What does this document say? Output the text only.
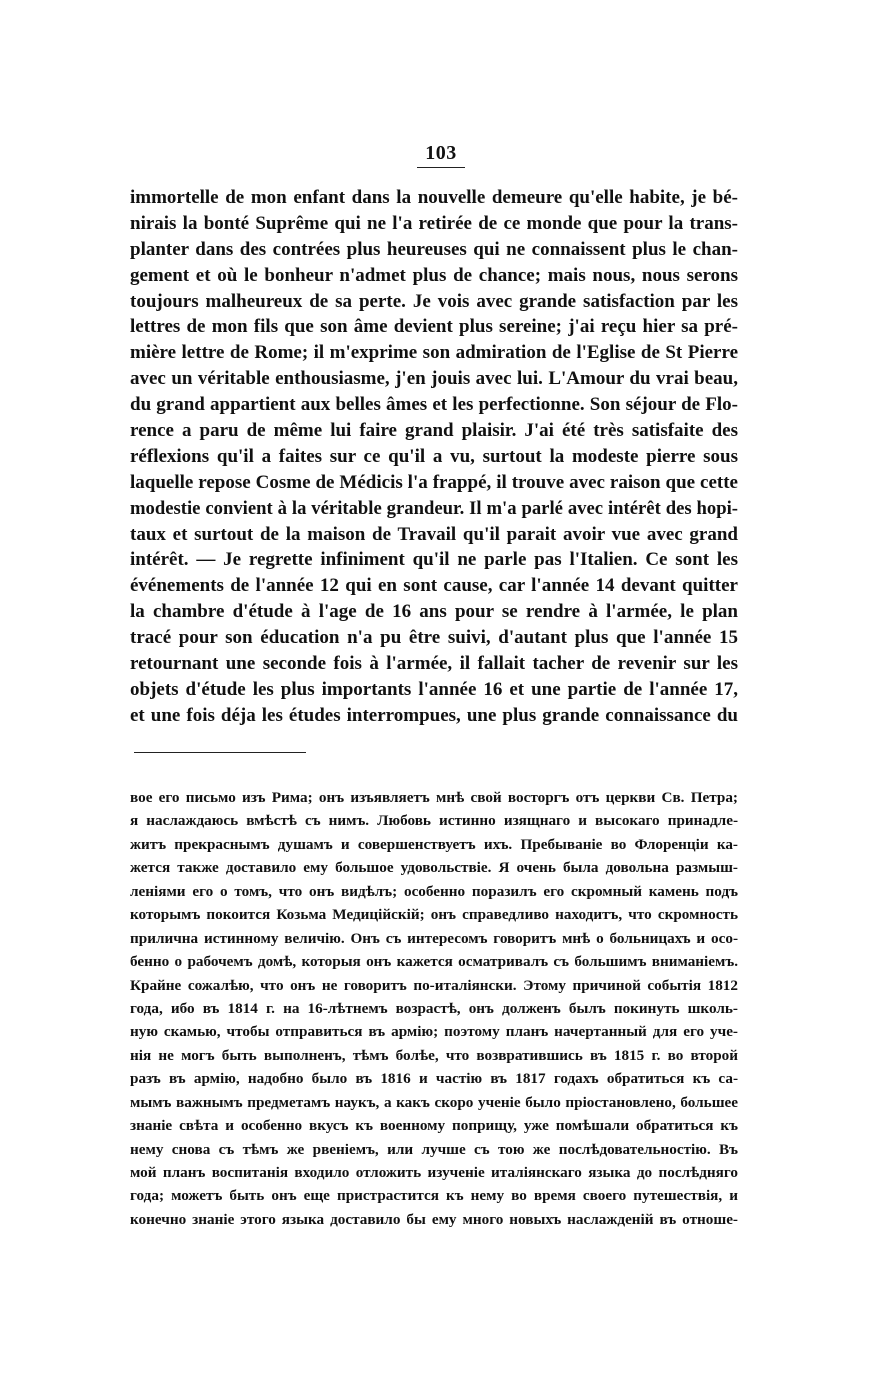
103
immortelle de mon enfant dans la nouvelle demeure qu'elle habite, je bé-
nirais la bonté Suprême qui ne l'a retirée de ce monde que pour la trans-
planter dans des contrées plus heureuses qui ne connaissent plus le chan-
gement et où le bonheur n'admet plus de chance; mais nous, nous serons
toujours malheureux de sa perte. Je vois avec grande satisfaction par les
lettres de mon fils que son âme devient plus sereine; j'ai reçu hier sa pré-
mière lettre de Rome; il m'exprime son admiration de l'Eglise de St Pierre
avec un véritable enthousiasme, j'en jouis avec lui. L'Amour du vrai beau,
du grand appartient aux belles âmes et les perfectionne. Son séjour de Flo-
rence a paru de même lui faire grand plaisir. J'ai été très satisfaite des
réflexions qu'il a faites sur ce qu'il a vu, surtout la modeste pierre sous
laquelle repose Cosme de Médicis l'a frappé, il trouve avec raison que cette
modestie convient à la véritable grandeur. Il m'a parlé avec intérêt des hopi-
taux et surtout de la maison de Travail qu'il parait avoir vue avec grand
intérêt. — Je regrette infiniment qu'il ne parle pas l'Italien. Ce sont les
événements de l'année 12 qui en sont cause, car l'année 14 devant quitter
la chambre d'étude à l'age de 16 ans pour se rendre à l'armée, le plan
tracé pour son éducation n'a pu être suivi, d'autant plus que l'année 15
retournant une seconde fois à l'armée, il fallait tacher de revenir sur les
objets d'étude les plus importants l'année 16 et une partie de l'année 17,
et une fois déja les études interrompues, une plus grande connaissance du
вое его письмо изъ Рима; онъ изъявляетъ мнѣ свой восторгъ отъ церкви Св. Петра;
я наслаждаюсь вмѣстѣ съ нимъ. Любовь истинно изящнаго и высокаго принадле-
житъ прекраснымъ душамъ и совершенствуетъ ихъ. Пребываніе во Флоренціи ка-
жется также доставило ему большое удовольствіе. Я очень была довольна размыш-
леніями его о томъ, что онъ видѣлъ; особенно поразилъ его скромный камень подъ
которымъ покоится Козьма Медиційскій; онъ справедливо находитъ, что скромность
прилична истинному величію. Онъ съ интересомъ говоритъ мнѣ о больницахъ и осо-
бенно о рабочемъ домѣ, которыя онъ кажется осматривалъ съ большимъ вниманіемъ.
Крайне сожалѣю, что онъ не говоритъ по-италіянски. Этому причиной событія 1812
года, ибо въ 1814 г. на 16-лѣтнемъ возрастѣ, онъ долженъ былъ покинуть школь-
ную скамью, чтобы отправиться въ армію; поэтому планъ начертанный для его уче-
нія не могъ быть выполненъ, тѣмъ болѣе, что возвратившись въ 1815 г. во второй
разъ въ армію, надобно было въ 1816 и частію въ 1817 годахъ обратиться къ са-
мымъ важнымъ предметамъ наукъ, а какъ скоро ученіе было пріостановлено, большее
знаніе свѣта и особенно вкусъ къ военному поприщу, уже помѣшали обратиться къ
нему снова съ тѣмъ же рвеніемъ, или лучше съ тою же послѣдовательностію. Въ
мой планъ воспитанія входило отложить изученіе италіянскаго языка до послѣдняго
года; можетъ быть онъ еще пристрастится къ нему во время своего путешествія, и
конечно знаніе этого языка доставило бы ему много новыхъ наслажденій въ отноше-
